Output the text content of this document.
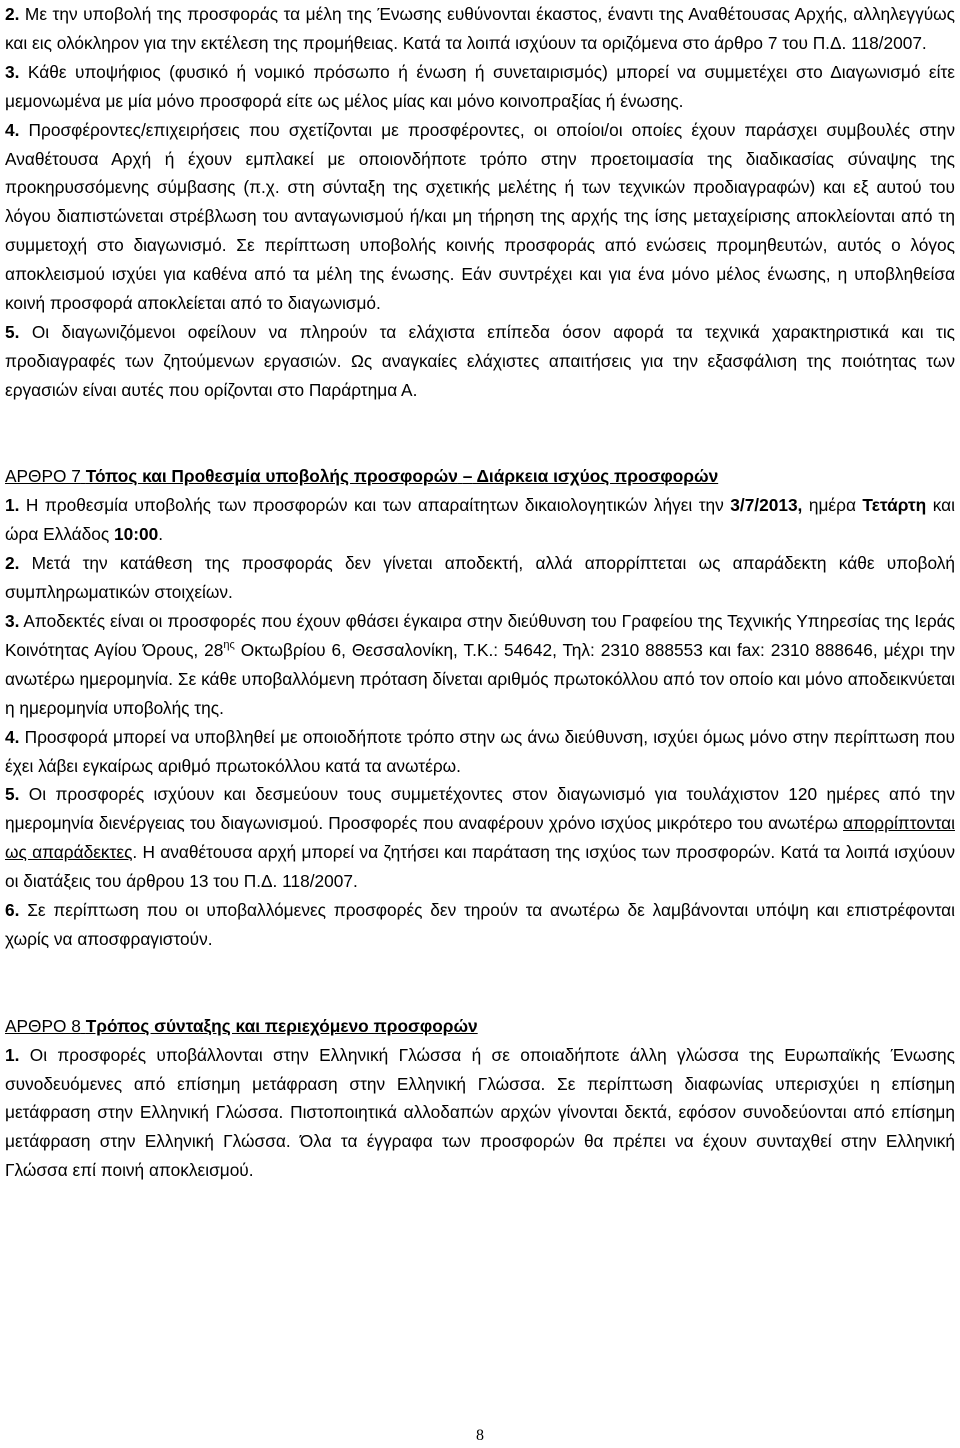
2. Με την υποβολή της προσφοράς τα μέλη της Ένωσης ευθύνονται έκαστος, έναντι της Αναθέτουσας Αρχής, αλληλεγγύως και εις ολόκληρον για την εκτέλεση της προμήθειας. Κατά τα λοιπά ισχύουν τα οριζόμενα στο άρθρο 7 του Π.Δ. 118/2007.

3. Κάθε υποψήφιος (φυσικό ή νομικό πρόσωπο ή ένωση ή συνεταιρισμός) μπορεί να συμμετέχει στο Διαγωνισμό είτε μεμονωμένα με μία μόνο προσφορά είτε ως μέλος μίας και μόνο κοινοπραξίας ή ένωσης.

4. Προσφέροντες/επιχειρήσεις που σχετίζονται με προσφέροντες, οι οποίοι/οι οποίες έχουν παράσχει συμβουλές στην Αναθέτουσα Αρχή ή έχουν εμπλακεί με οποιονδήποτε τρόπο στην προετοιμασία της διαδικασίας σύναψης της προκηρυσσόμενης σύμβασης (π.χ. στη σύνταξη της σχετικής μελέτης ή των τεχνικών προδιαγραφών) και εξ αυτού του λόγου διαπιστώνεται στρέβλωση του ανταγωνισμού ή/και μη τήρηση της αρχής της ίσης μεταχείρισης αποκλείονται από τη συμμετοχή στο διαγωνισμό. Σε περίπτωση υποβολής κοινής προσφοράς από ενώσεις προμηθευτών, αυτός ο λόγος αποκλεισμού ισχύει για καθένα από τα μέλη της ένωσης. Εάν συντρέχει και για ένα μόνο μέλος ένωσης, η υποβληθείσα κοινή προσφορά αποκλείεται από το διαγωνισμό.

5. Οι διαγωνιζόμενοι οφείλουν να πληρούν τα ελάχιστα επίπεδα όσον αφορά τα τεχνικά χαρακτηριστικά και τις προδιαγραφές των ζητούμενων εργασιών. Ως αναγκαίες ελάχιστες απαιτήσεις για την εξασφάλιση της ποιότητας των εργασιών είναι αυτές που ορίζονται στο Παράρτημα Α.

ΑΡΘΡΟ 7 Τόπος και Προθεσμία υποβολής προσφορών – Διάρκεια ισχύος προσφορών

1. Η προθεσμία υποβολής των προσφορών και των απαραίτητων δικαιολογητικών λήγει την 3/7/2013, ημέρα Τετάρτη και ώρα Ελλάδος 10:00.

2. Μετά την κατάθεση της προσφοράς δεν γίνεται αποδεκτή, αλλά απορρίπτεται ως απαράδεκτη κάθε υποβολή συμπληρωματικών στοιχείων.

3. Αποδεκτές είναι οι προσφορές που έχουν φθάσει έγκαιρα στην διεύθυνση του Γραφείου της Τεχνικής Υπηρεσίας της Ιεράς Κοινότητας Αγίου Όρους, $28^{\eta\varsigma}$ Οκτωβρίου 6, Θεσσαλονίκη, Τ.Κ.: 54642, Τηλ: 2310 888553 και fax: 2310 888646, μέχρι την ανωτέρω ημερομηνία. Σε κάθε υποβαλλόμενη πρόταση δίνεται αριθμός πρωτοκόλλου από τον οποίο και μόνο αποδεικνύεται η ημερομηνία υποβολής της.

4. Προσφορά μπορεί να υποβληθεί με οποιοδήποτε τρόπο στην ως άνω διεύθυνση, ισχύει όμως μόνο στην περίπτωση που έχει λάβει εγκαίρως αριθμό πρωτοκόλλου κατά τα ανωτέρω.

5. Οι προσφορές ισχύουν και δεσμεύουν τους συμμετέχοντες στον διαγωνισμό για τουλάχιστον 120 ημέρες από την ημερομηνία διενέργειας του διαγωνισμού. Προσφορές που αναφέρουν χρόνο ισχύος μικρότερο του ανωτέρω απορρίπτονται ως απαράδεκτες. Η αναθέτουσα αρχή μπορεί να ζητήσει και παράταση της ισχύος των προσφορών. Κατά τα λοιπά ισχύουν οι διατάξεις του άρθρου 13 του Π.Δ. 118/2007.

6. Σε περίπτωση που οι υποβαλλόμενες προσφορές δεν τηρούν τα ανωτέρω δε λαμβάνονται υπόψη και επιστρέφονται χωρίς να αποσφραγιστούν.

ΑΡΘΡΟ 8 Τρόπος σύνταξης και περιεχόμενο προσφορών

1. Οι προσφορές υποβάλλονται στην Ελληνική Γλώσσα ή σε οποιαδήποτε άλλη γλώσσα της Ευρωπαϊκής Ένωσης συνοδευόμενες από επίσημη μετάφραση στην Ελληνική Γλώσσα. Σε περίπτωση διαφωνίας υπερισχύει η επίσημη μετάφραση στην Ελληνική Γλώσσα. Πιστοποιητικά αλλοδαπών αρχών γίνονται δεκτά, εφόσον συνοδεύονται από επίσημη μετάφραση στην Ελληνική Γλώσσα. Όλα τα έγγραφα των προσφορών θα πρέπει να έχουν συνταχθεί στην Ελληνική Γλώσσα επί ποινή αποκλεισμού.

8
